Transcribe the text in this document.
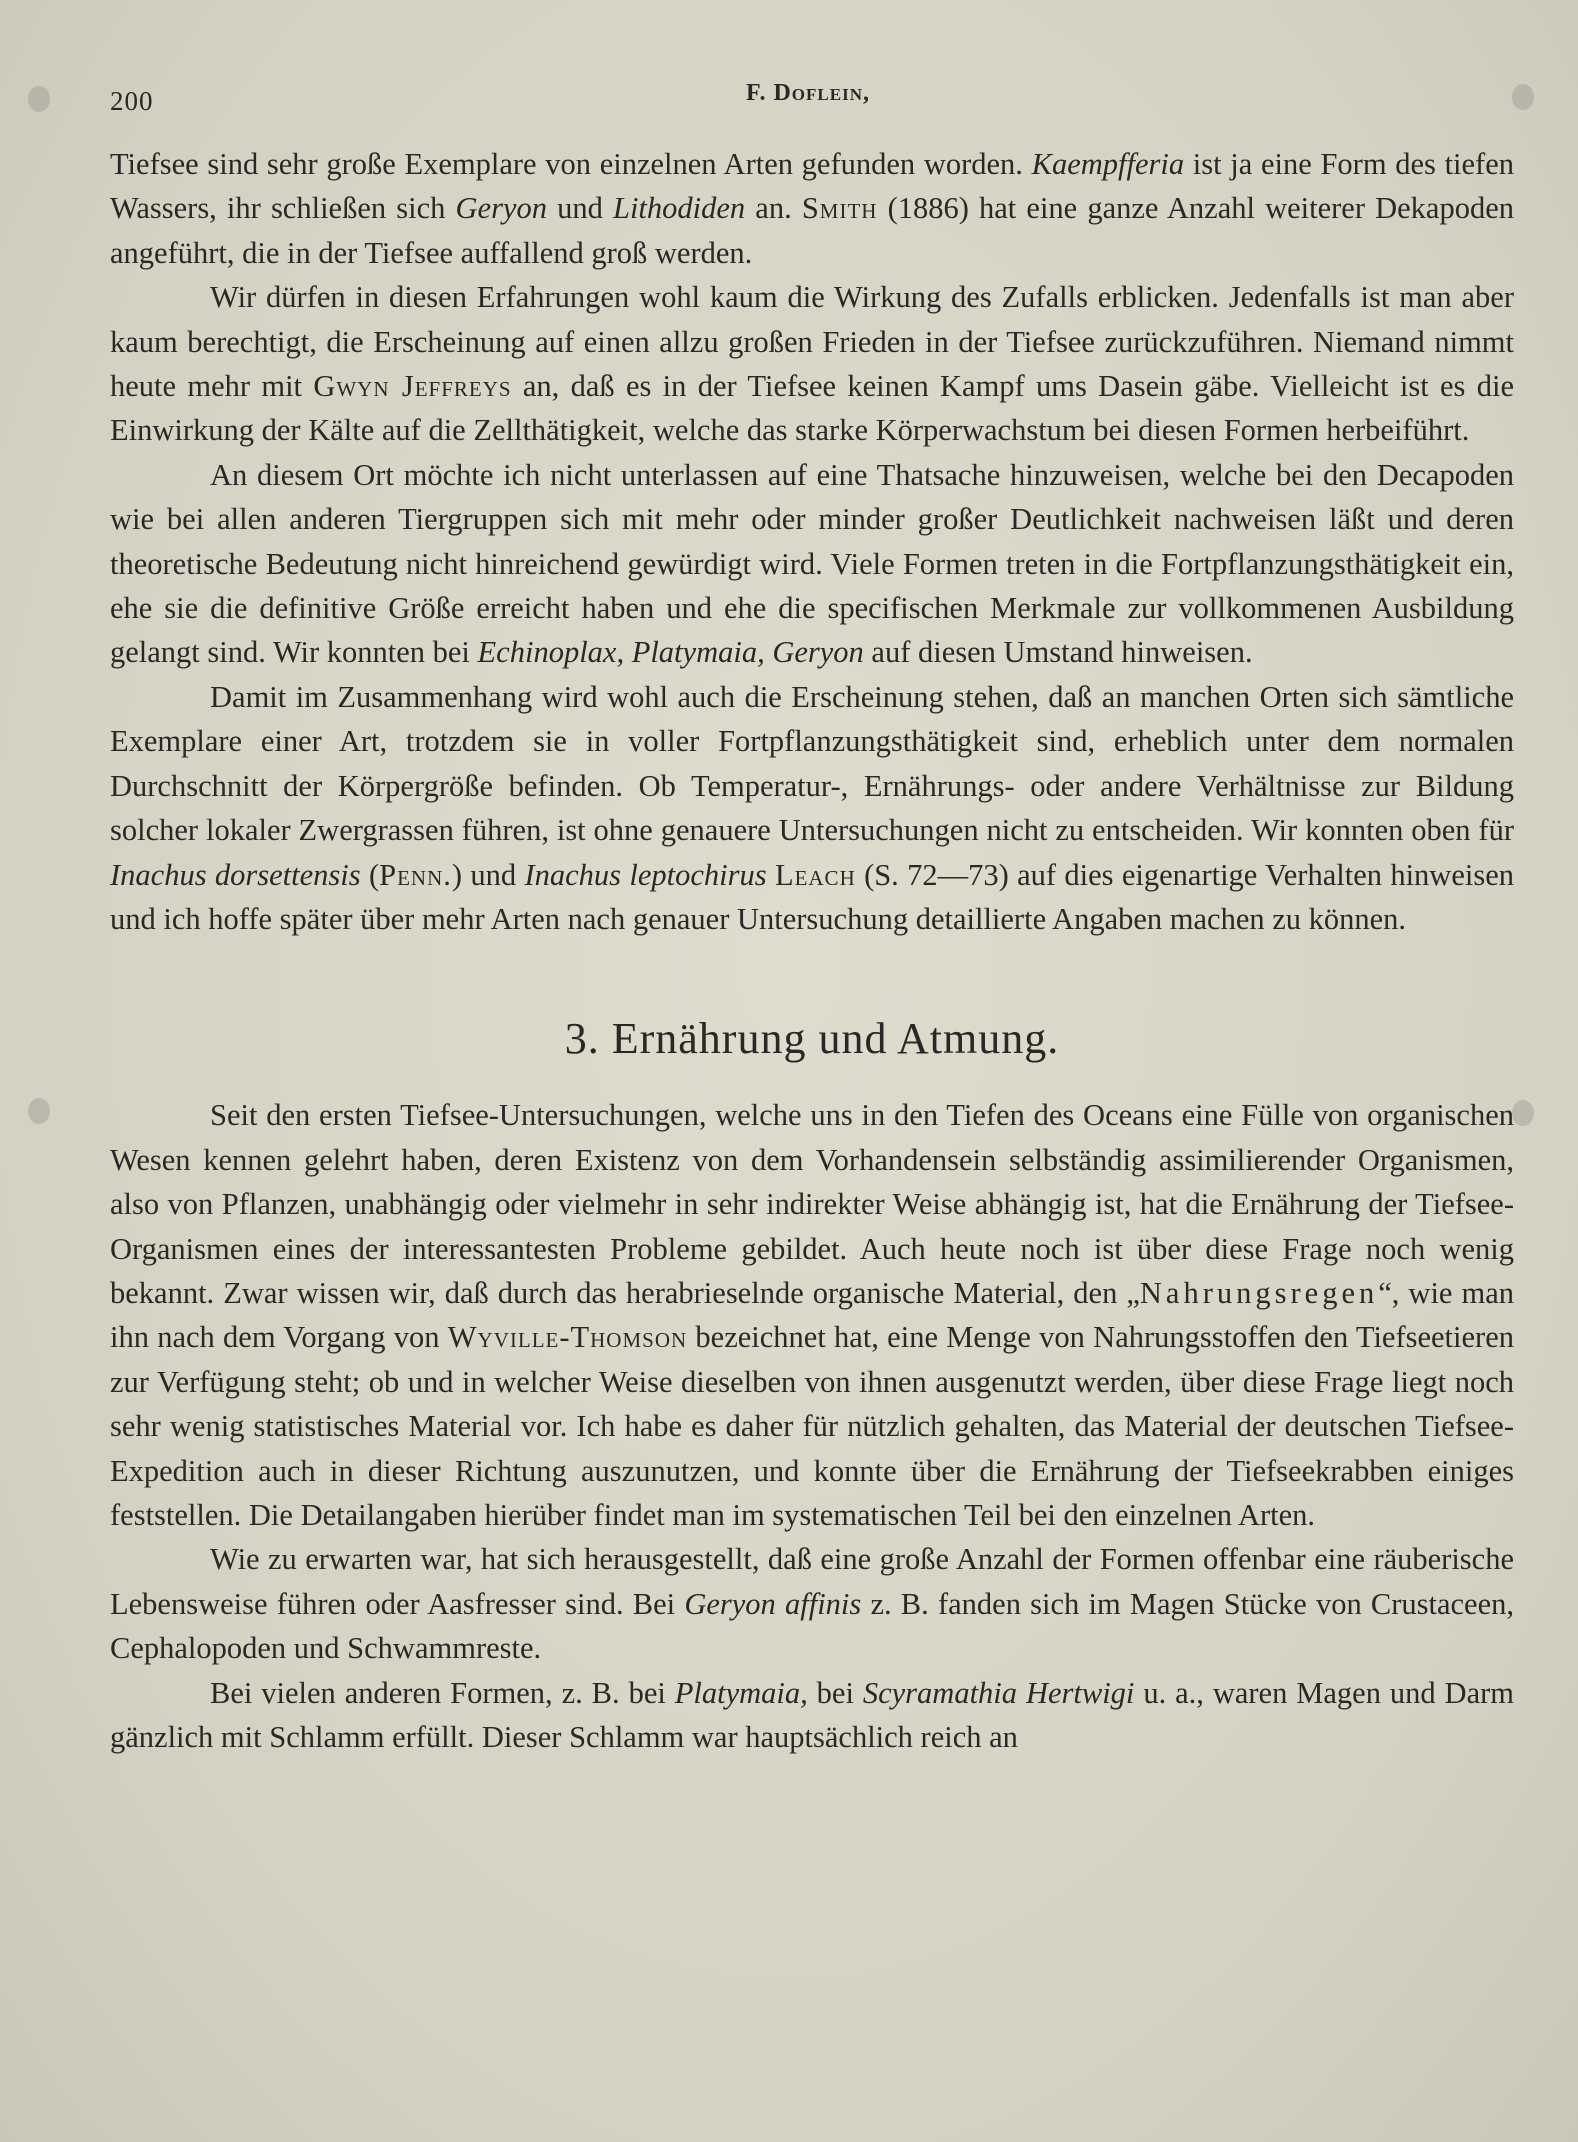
200	F. Doflein,

Tiefsee sind sehr große Exemplare von einzelnen Arten gefunden worden. Kaempfferia ist ja eine Form des tiefen Wassers, ihr schließen sich Geryon und Lithodiden an. Smith (1886) hat eine ganze Anzahl weiterer Dekapoden angeführt, die in der Tiefsee auffallend groß werden.

Wir dürfen in diesen Erfahrungen wohl kaum die Wirkung des Zufalls erblicken. Jedenfalls ist man aber kaum berechtigt, die Erscheinung auf einen allzu großen Frieden in der Tiefsee zurückzuführen. Niemand nimmt heute mehr mit Gwyn Jeffreys an, daß es in der Tiefsee keinen Kampf ums Dasein gäbe. Vielleicht ist es die Einwirkung der Kälte auf die Zellthätigkeit, welche das starke Körperwachstum bei diesen Formen herbeiführt.

An diesem Ort möchte ich nicht unterlassen auf eine Thatsache hinzuweisen, welche bei den Decapoden wie bei allen anderen Tiergruppen sich mit mehr oder minder großer Deutlichkeit nachweisen läßt und deren theoretische Bedeutung nicht hinreichend gewürdigt wird. Viele Formen treten in die Fortpflanzungsthätigkeit ein, ehe sie die definitive Größe erreicht haben und ehe die specifischen Merkmale zur vollkommenen Ausbildung gelangt sind. Wir konnten bei Echinoplax, Platymaia, Geryon auf diesen Umstand hinweisen.

Damit im Zusammenhang wird wohl auch die Erscheinung stehen, daß an manchen Orten sich sämtliche Exemplare einer Art, trotzdem sie in voller Fortpflanzungsthätigkeit sind, erheblich unter dem normalen Durchschnitt der Körpergröße befinden. Ob Temperatur-, Ernährungs- oder andere Verhältnisse zur Bildung solcher lokaler Zwergrassen führen, ist ohne genauere Untersuchungen nicht zu entscheiden. Wir konnten oben für Inachus dorsettensis (Penn.) und Inachus leptochirus Leach (S. 72—73) auf dies eigenartige Verhalten hinweisen und ich hoffe später über mehr Arten nach genauer Untersuchung detaillierte Angaben machen zu können.

3. Ernährung und Atmung.

Seit den ersten Tiefsee-Untersuchungen, welche uns in den Tiefen des Oceans eine Fülle von organischen Wesen kennen gelehrt haben, deren Existenz von dem Vorhandensein selbständig assimilierender Organismen, also von Pflanzen, unabhängig oder vielmehr in sehr indirekter Weise abhängig ist, hat die Ernährung der Tiefsee-Organismen eines der interessantesten Probleme gebildet. Auch heute noch ist über diese Frage noch wenig bekannt. Zwar wissen wir, daß durch das herabrieselnde organische Material, den „Nahrungsregen“, wie man ihn nach dem Vorgang von Wyville-Thomson bezeichnet hat, eine Menge von Nahrungsstoffen den Tiefseetieren zur Verfügung steht; ob und in welcher Weise dieselben von ihnen ausgenutzt werden, über diese Frage liegt noch sehr wenig statistisches Material vor. Ich habe es daher für nützlich gehalten, das Material der deutschen Tiefsee-Expedition auch in dieser Richtung auszunutzen, und konnte über die Ernährung der Tiefseekrabben einiges feststellen. Die Detailangaben hierüber findet man im systematischen Teil bei den einzelnen Arten.

Wie zu erwarten war, hat sich herausgestellt, daß eine große Anzahl der Formen offenbar eine räuberische Lebensweise führen oder Aasfresser sind. Bei Geryon affinis z. B. fanden sich im Magen Stücke von Crustaceen, Cephalopoden und Schwammreste.

Bei vielen anderen Formen, z. B. bei Platymaia, bei Scyramathia Hertwigi u. a., waren Magen und Darm gänzlich mit Schlamm erfüllt. Dieser Schlamm war hauptsächlich reich an
